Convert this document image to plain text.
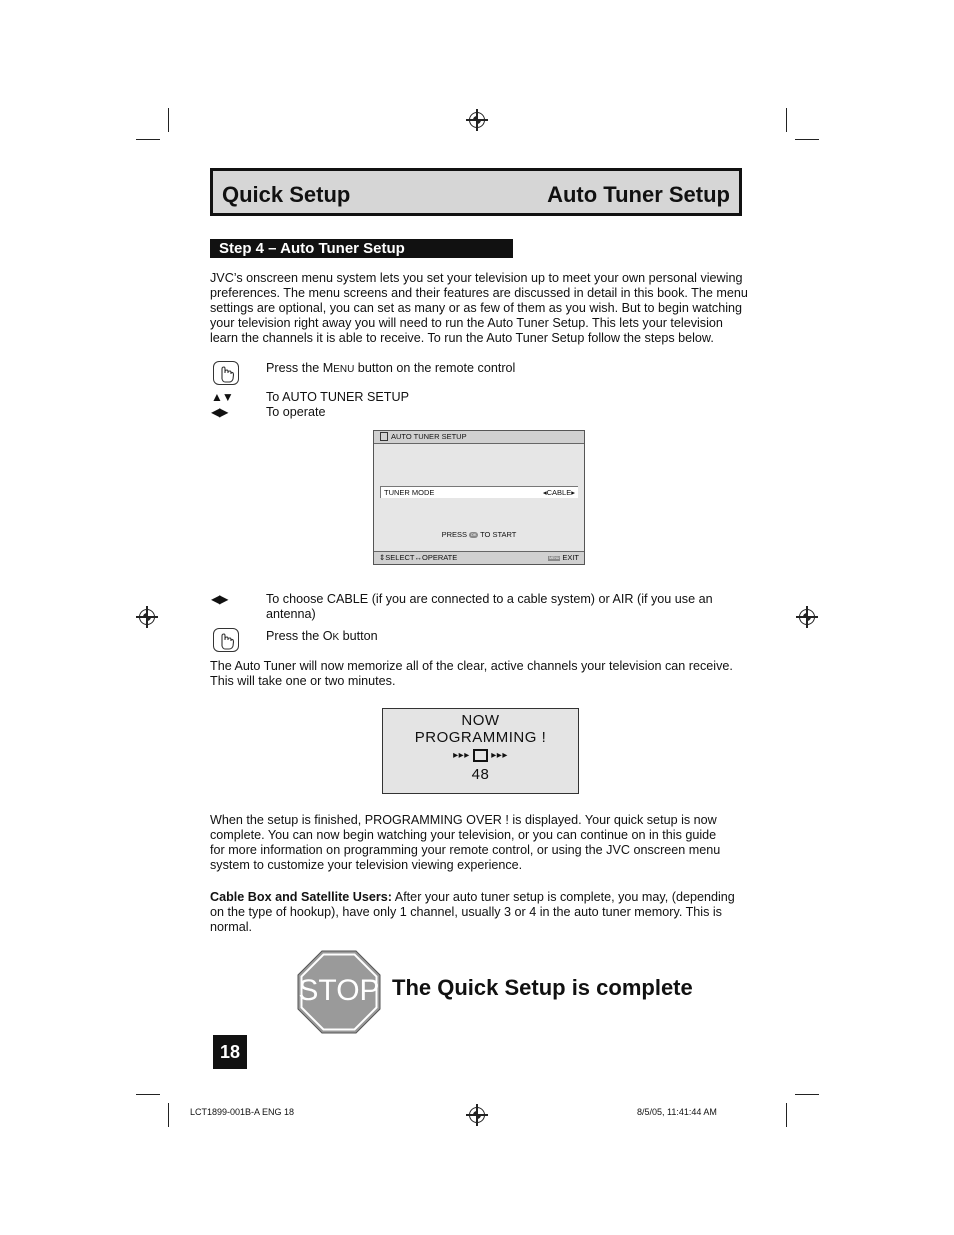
Quick Setup	Auto Tuner Setup
Step 4 – Auto Tuner Setup
JVC’s onscreen menu system lets you set your television up to meet your own personal viewing
preferences. The menu screens and their features are discussed in detail in this book. The menu
settings are optional, you can set as many or as few of them as you wish. But to begin watching
your television right away you will need to run the Auto Tuner Setup. This lets your television
learn the channels it is able to receive. To run the Auto Tuner Setup follow the steps below.
Press the MENU button on the remote control
▲▼	To AUTO TUNER SETUP
◀▶	To operate
AUTO TUNER SETUP
TUNER MODE	◂CABLE▸
PRESS OK TO START
⇕SELECT↔OPERATE	MENU EXIT
◀▶	To choose CABLE (if you are connected to a cable system) or AIR (if you use an
antenna)
Press the OK button
The Auto Tuner will now memorize all of the clear, active channels your television can receive.
This will take one or two minutes.
NOW
PROGRAMMING !
▸▸▸  ▸▸▸
48
When the setup is finished, PROGRAMMING OVER ! is displayed. Your quick setup is now
complete. You can now begin watching your television, or you can continue on in this guide
for more information on programming your remote control, or using the JVC onscreen menu
system to customize your television viewing experience.
Cable Box and Satellite Users: After your auto tuner setup is complete, you may, (depending
on the type of hookup), have only 1 channel, usually 3 or 4 in the auto tuner memory. This is
normal.
STOP The Quick Setup is complete
18
LCT1899-001B-A ENG 18	8/5/05, 11:41:44 AM
